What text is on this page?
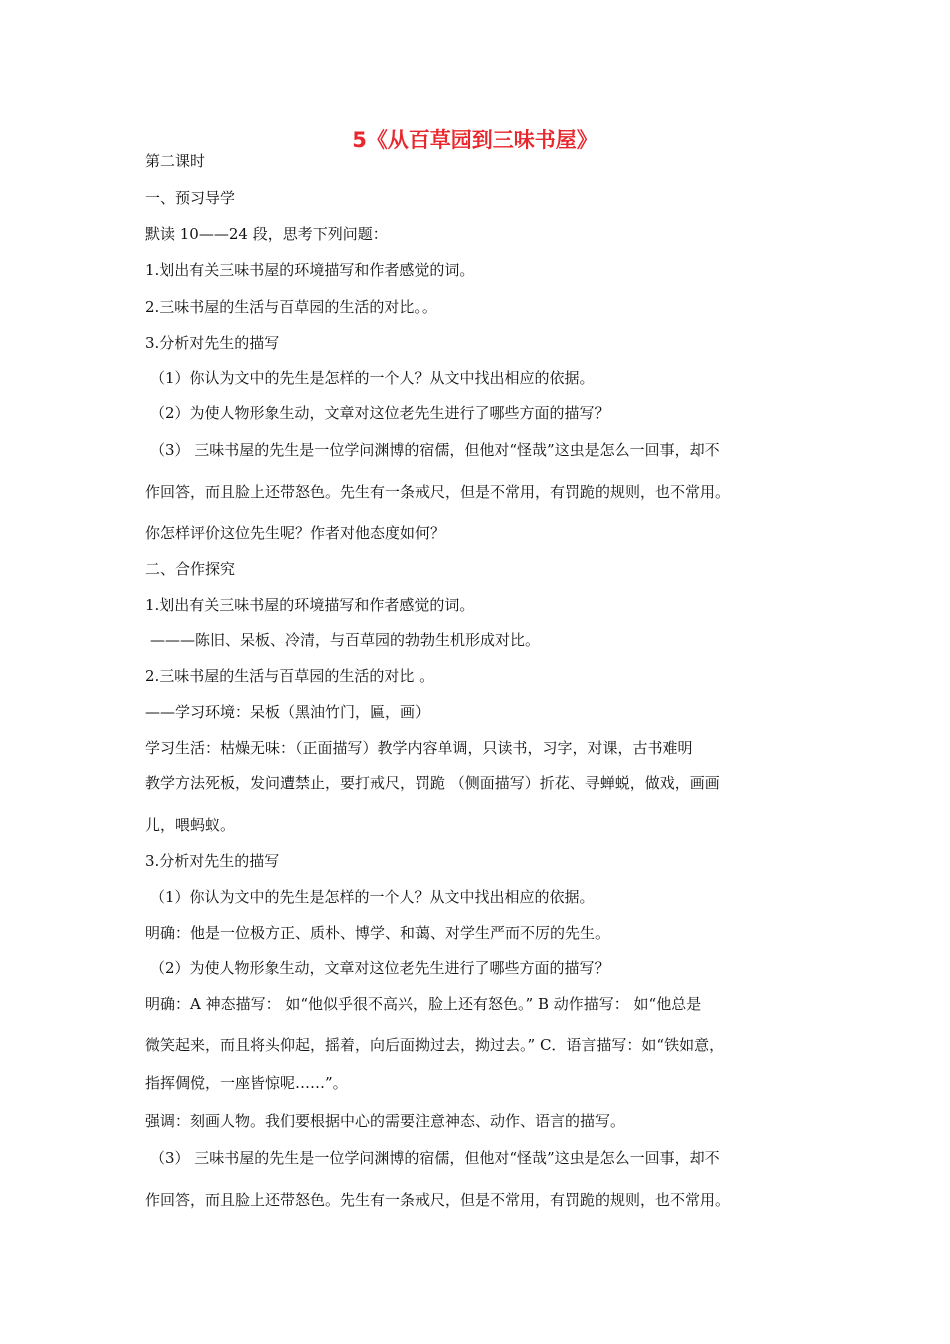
5《从百草园到三味书屋》
第二课时
一、预习导学
默读 10——24 段，思考下列问题：
1.划出有关三味书屋的环境描写和作者感觉的词。
2.三味书屋的生活与百草园的生活的对比。。
3.分析对先生的描写
（1）你认为文中的先生是怎样的一个人？从文中找出相应的依据。
（2）为使人物形象生动，文章对这位老先生进行了哪些方面的描写？
（3） 三味书屋的先生是一位学问渊博的宿儒，但他对“怪哉”这虫是怎么一回事，却不
作回答，而且脸上还带怒色。先生有一条戒尺，但是不常用，有罚跪的规则，也不常用。
你怎样评价这位先生呢？作者对他态度如何？
二、合作探究
1.划出有关三味书屋的环境描写和作者感觉的词。
———陈旧、呆板、冷清，与百草园的勃勃生机形成对比。
2.三味书屋的生活与百草园的生活的对比 。
——学习环境：呆板（黑油竹门，匾，画）
学习生活：枯燥无味：（正面描写）教学内容单调，只读书，习字，对课，古书难明
教学方法死板，发问遭禁止，要打戒尺，罚跪 （侧面描写）折花、寻蝉蜕，做戏，画画
儿，喂蚂蚁。
3.分析对先生的描写
（1）你认为文中的先生是怎样的一个人？从文中找出相应的依据。
明确：他是一位极方正、质朴、博学、和蔼、对学生严而不厉的先生。
（2）为使人物形象生动，文章对这位老先生进行了哪些方面的描写？
明确：A 神态描写： 如“他似乎很不高兴，脸上还有怒色。” B 动作描写： 如“他总是
微笑起来，而且将头仰起，摇着，向后面拗过去，拗过去。” C．语言描写：如“铁如意，
指挥倜傥，一座皆惊呢……”。
强调：刻画人物。我们要根据中心的需要注意神态、动作、语言的描写。
（3） 三味书屋的先生是一位学问渊博的宿儒，但他对“怪哉”这虫是怎么一回事，却不
作回答，而且脸上还带怒色。先生有一条戒尺，但是不常用，有罚跪的规则，也不常用。
